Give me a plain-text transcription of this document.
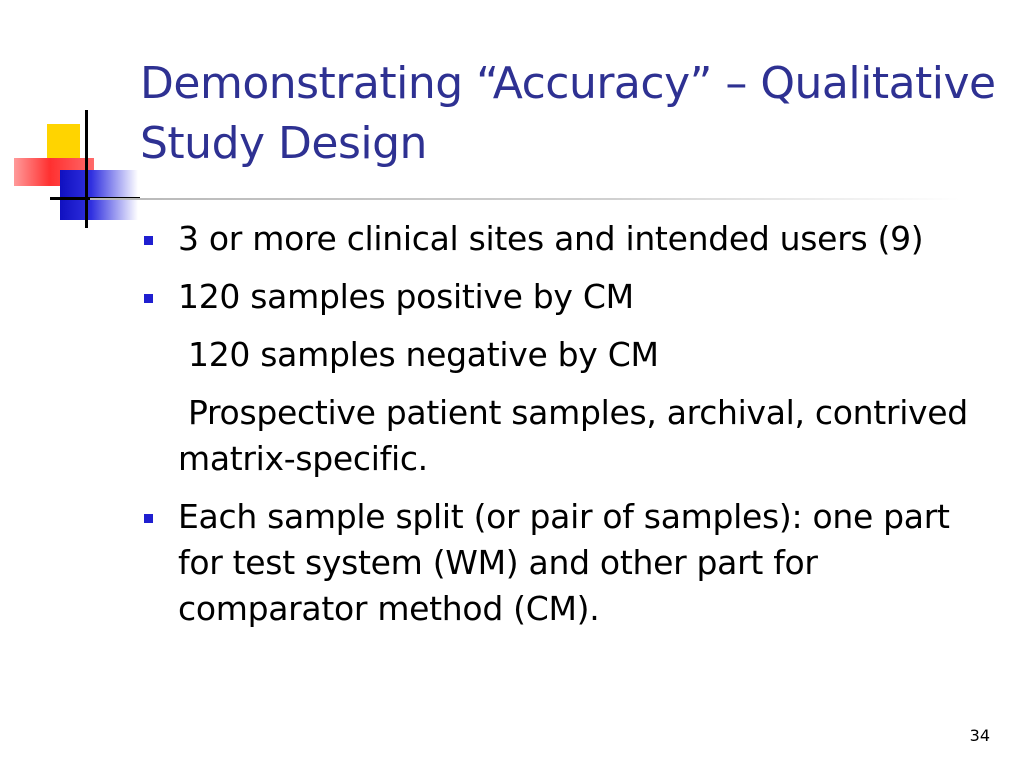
Demonstrating “Accuracy” – Qualitative Study Design
3 or more clinical sites and intended users (9)
120 samples positive by CM
120 samples negative by CM
Prospective patient samples, archival, contrived matrix-specific.
Each sample split (or pair of samples): one part for test system (WM) and other part for comparator method (CM).
34
